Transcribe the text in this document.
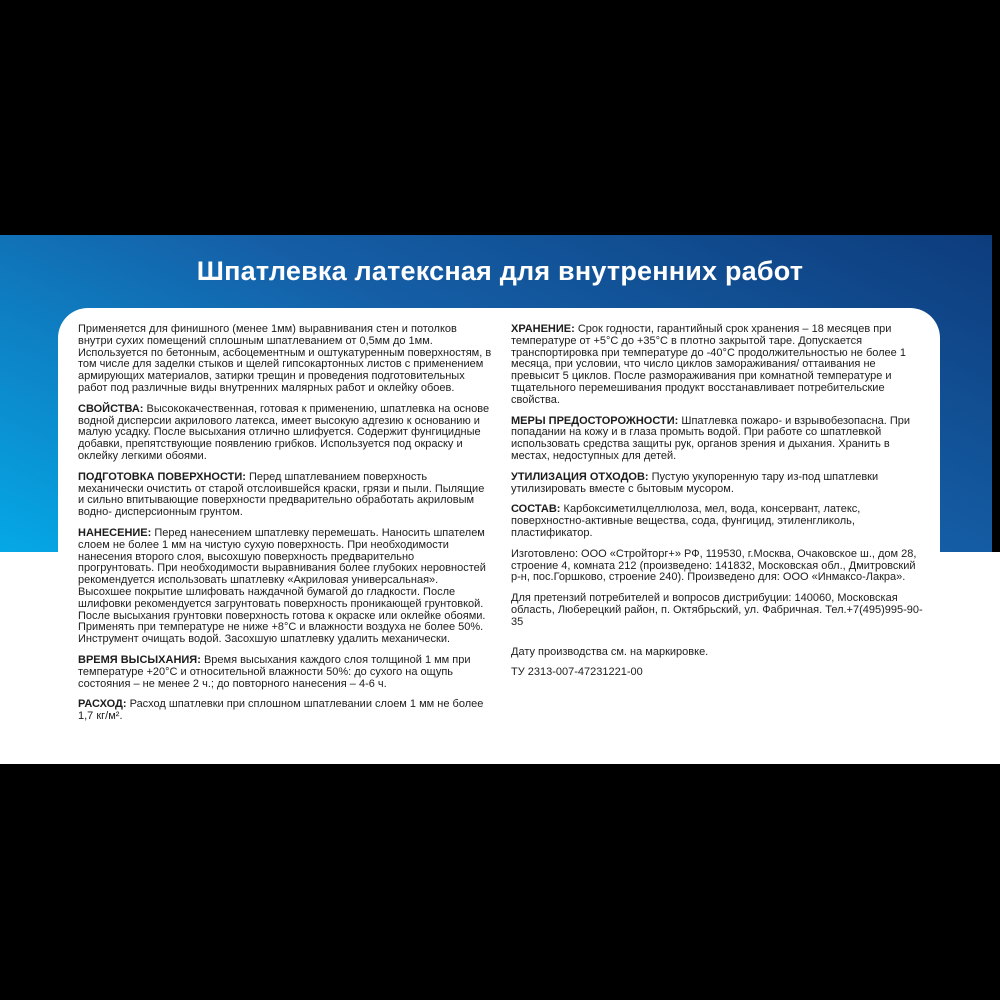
Шпатлевка латексная для внутренних работ

Применяется для финишного (менее 1мм) выравнивания стен и потолков внутри сухих помещений сплошным шпатлеванием от 0,5мм до 1мм. Используется по бетонным, асбоцементным и оштукатуренным поверхностям, в том числе для заделки стыков и щелей гипсокартонных листов с применением армирующих материалов, затирки трещин и проведения подготовительных работ под различные виды внутренних малярных работ и оклейку обоев.

СВОЙСТВА: Высококачественная, готовая к применению, шпатлевка на основе водной дисперсии акрилового латекса, имеет высокую адгезию к основанию и малую усадку. После высыхания отлично шлифуется. Содержит фунгицидные добавки, препятствующие появлению грибков. Используется под окраску и оклейку легкими обоями.

ПОДГОТОВКА ПОВЕРХНОСТИ: Перед шпатлеванием поверхность механически очистить от старой отслоившейся краски, грязи и пыли. Пылящие и сильно впитывающие поверхности предварительно обработать акриловым водно- дисперсионным грунтом.

НАНЕСЕНИЕ: Перед нанесением шпатлевку перемешать. Наносить шпателем слоем не более 1 мм на чистую сухую поверхность. При необходимости нанесения второго слоя, высохшую поверхность предварительно прогрунтовать. При необходимости выравнивания более глубоких неровностей рекомендуется использовать шпатлевку «Акриловая универсальная». Высохшее покрытие шлифовать наждачной бумагой до гладкости. После шлифовки рекомендуется загрунтовать поверхность проникающей грунтовкой. После высыхания грунтовки поверхность готова к окраске или оклейке обоями. Применять при температуре не ниже +8°С и влажности воздуха не более 50%. Инструмент очищать водой. Засохшую шпатлевку удалить механически.

ВРЕМЯ ВЫСЫХАНИЯ: Время высыхания каждого слоя толщиной 1 мм при температуре +20°С и относительной влажности 50%: до сухого на ощупь состояния – не менее 2 ч.; до повторного нанесения – 4-6 ч.

РАСХОД: Расход шпатлевки при сплошном шпатлевании слоем 1 мм не более 1,7 кг/м².

ХРАНЕНИЕ: Срок годности, гарантийный срок хранения – 18 месяцев при температуре от +5°С до +35°С в плотно закрытой таре. Допускается транспортировка при температуре до -40°С продолжительностью не более 1 месяца, при условии, что число циклов замораживания/ оттаивания не превысит 5 циклов. После размораживания при комнатной температуре и тщательного перемешивания продукт восстанавливает потребительские свойства.

МЕРЫ ПРЕДОСТОРОЖНОСТИ: Шпатлевка пожаро- и взрывобезопасна. При попадании на кожу и в глаза промыть водой. При работе со шпатлевкой использовать средства защиты рук, органов зрения и дыхания. Хранить в местах, недоступных для детей.

УТИЛИЗАЦИЯ ОТХОДОВ: Пустую укупоренную тару из-под шпатлевки утилизировать вместе с бытовым мусором.

СОСТАВ: Карбоксиметилцеллюлоза, мел, вода, консервант, латекс, поверхностно-активные вещества, сода, фунгицид, этиленгликоль, пластификатор.

Изготовлено: ООО «Стройторг+» РФ, 119530, г.Москва, Очаковское ш., дом 28, строение 4, комната 212 (произведено: 141832, Московская обл., Дмитровский р-н, пос.Горшково, строение 240). Произведено для: ООО «Инмаксо-Лакра».

Для претензий потребителей и вопросов дистрибуции: 140060, Московская область, Люберецкий район, п. Октябрьский, ул. Фабричная. Тел.+7(495)995-90-35

Дату производства см. на маркировке.

ТУ 2313-007-47231221-00
